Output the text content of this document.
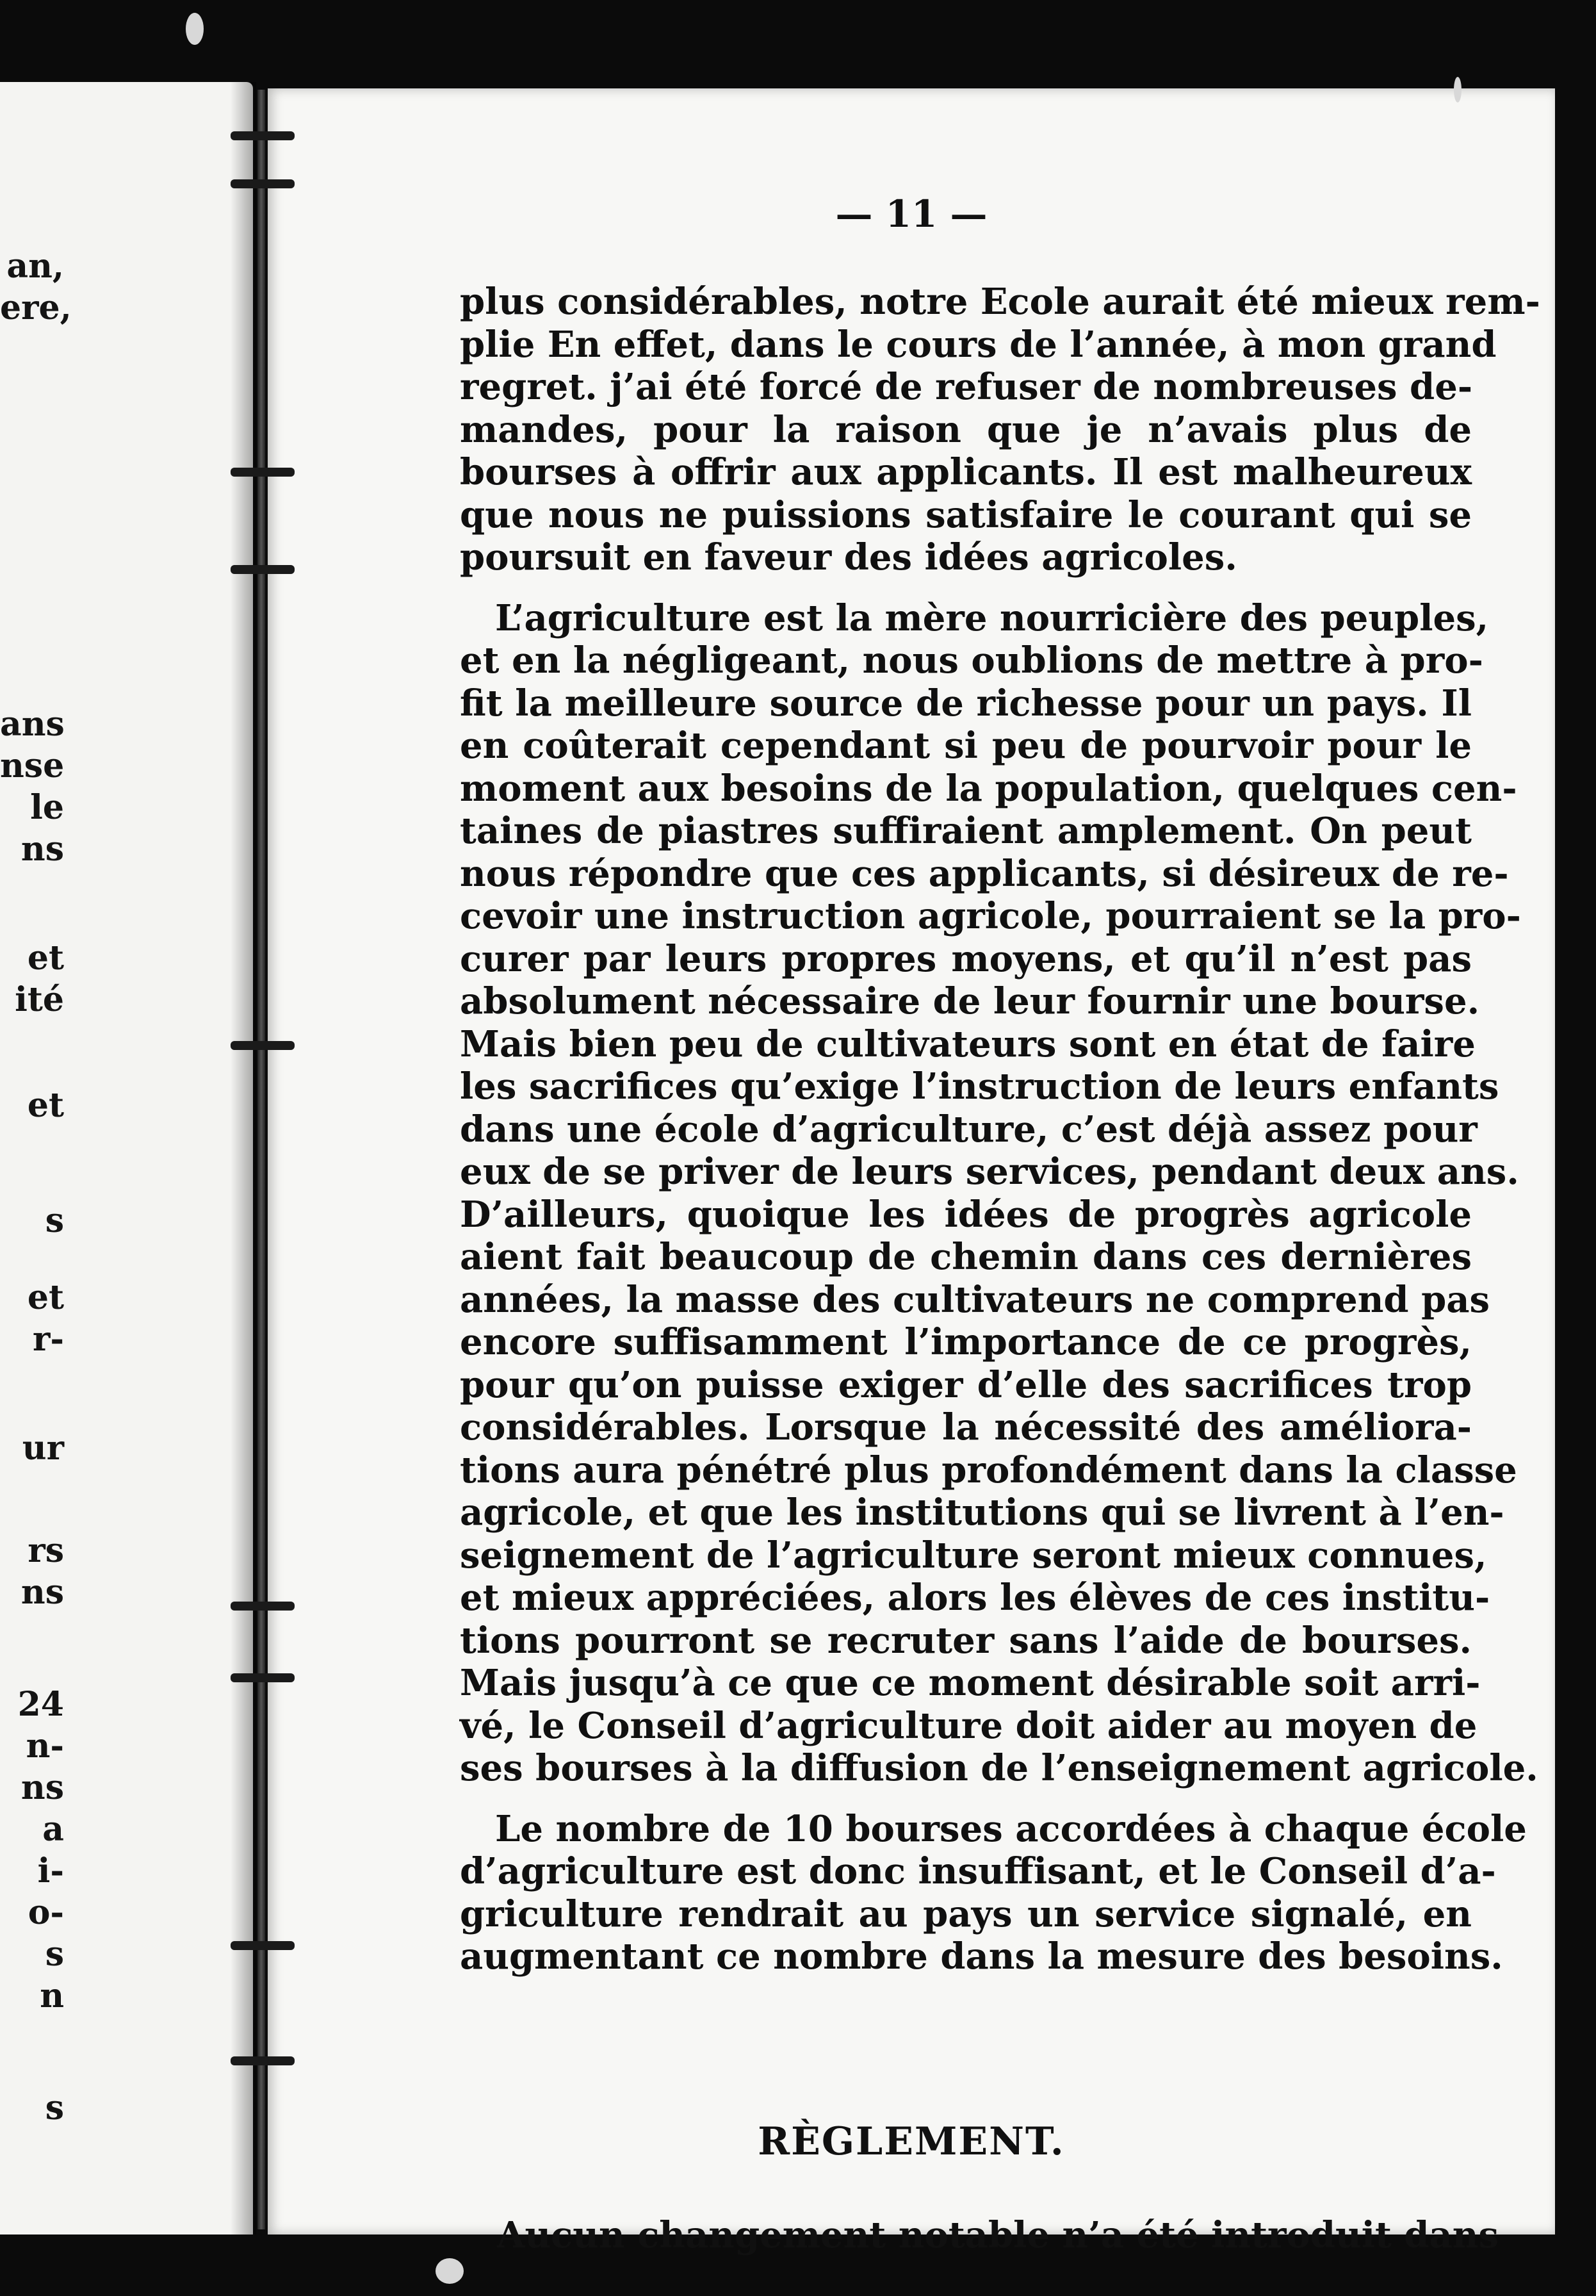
an,
ere,
ans
nse
le
ns
et
ité
et
s
et
r-
ur
rs
ns
24
n-
ns
a
i-
o-
s
n
s
— 11 —
plus considérables, notre Ecole aurait été mieux rem-
plie En effet, dans le cours de l’année, à mon grand
regret. j’ai été forcé de refuser de nombreuses de-
mandes, pour la raison que je n’avais plus de
bourses à offrir aux applicants. Il est malheureux
que nous ne puissions satisfaire le courant qui se
poursuit en faveur des idées agricoles.
L’agriculture est la mère nourricière des peuples,
et en la négligeant, nous oublions de mettre à pro-
fit la meilleure source de richesse pour un pays. Il
en coûterait cependant si peu de pourvoir pour le
moment aux besoins de la population, quelques cen-
taines de piastres suffiraient amplement. On peut
nous répondre que ces applicants, si désireux de re-
cevoir une instruction agricole, pourraient se la pro-
curer par leurs propres moyens, et qu’il n’est pas
absolument nécessaire de leur fournir une bourse.
Mais bien peu de cultivateurs sont en état de faire
les sacrifices qu’exige l’instruction de leurs enfants
dans une école d’agriculture, c’est déjà assez pour
eux de se priver de leurs services, pendant deux ans.
D’ailleurs, quoique les idées de progrès agricole
aient fait beaucoup de chemin dans ces dernières
années, la masse des cultivateurs ne comprend pas
encore suffisamment l’importance de ce progrès,
pour qu’on puisse exiger d’elle des sacrifices trop
considérables. Lorsque la nécessité des améliora-
tions aura pénétré plus profondément dans la classe
agricole, et que les institutions qui se livrent à l’en-
seignement de l’agriculture seront mieux connues,
et mieux appréciées, alors les élèves de ces institu-
tions pourront se recruter sans l’aide de bourses.
Mais jusqu’à ce que ce moment désirable soit arri-
vé, le Conseil d’agriculture doit aider au moyen de
ses bourses à la diffusion de l’enseignement agricole.
Le nombre de 10 bourses accordées à chaque école
d’agriculture est donc insuffisant, et le Conseil d’a-
griculture rendrait au pays un service signalé, en
augmentant ce nombre dans la mesure des besoins.
RÈGLEMENT.
Aucun changement notable n’a été introduit dans
